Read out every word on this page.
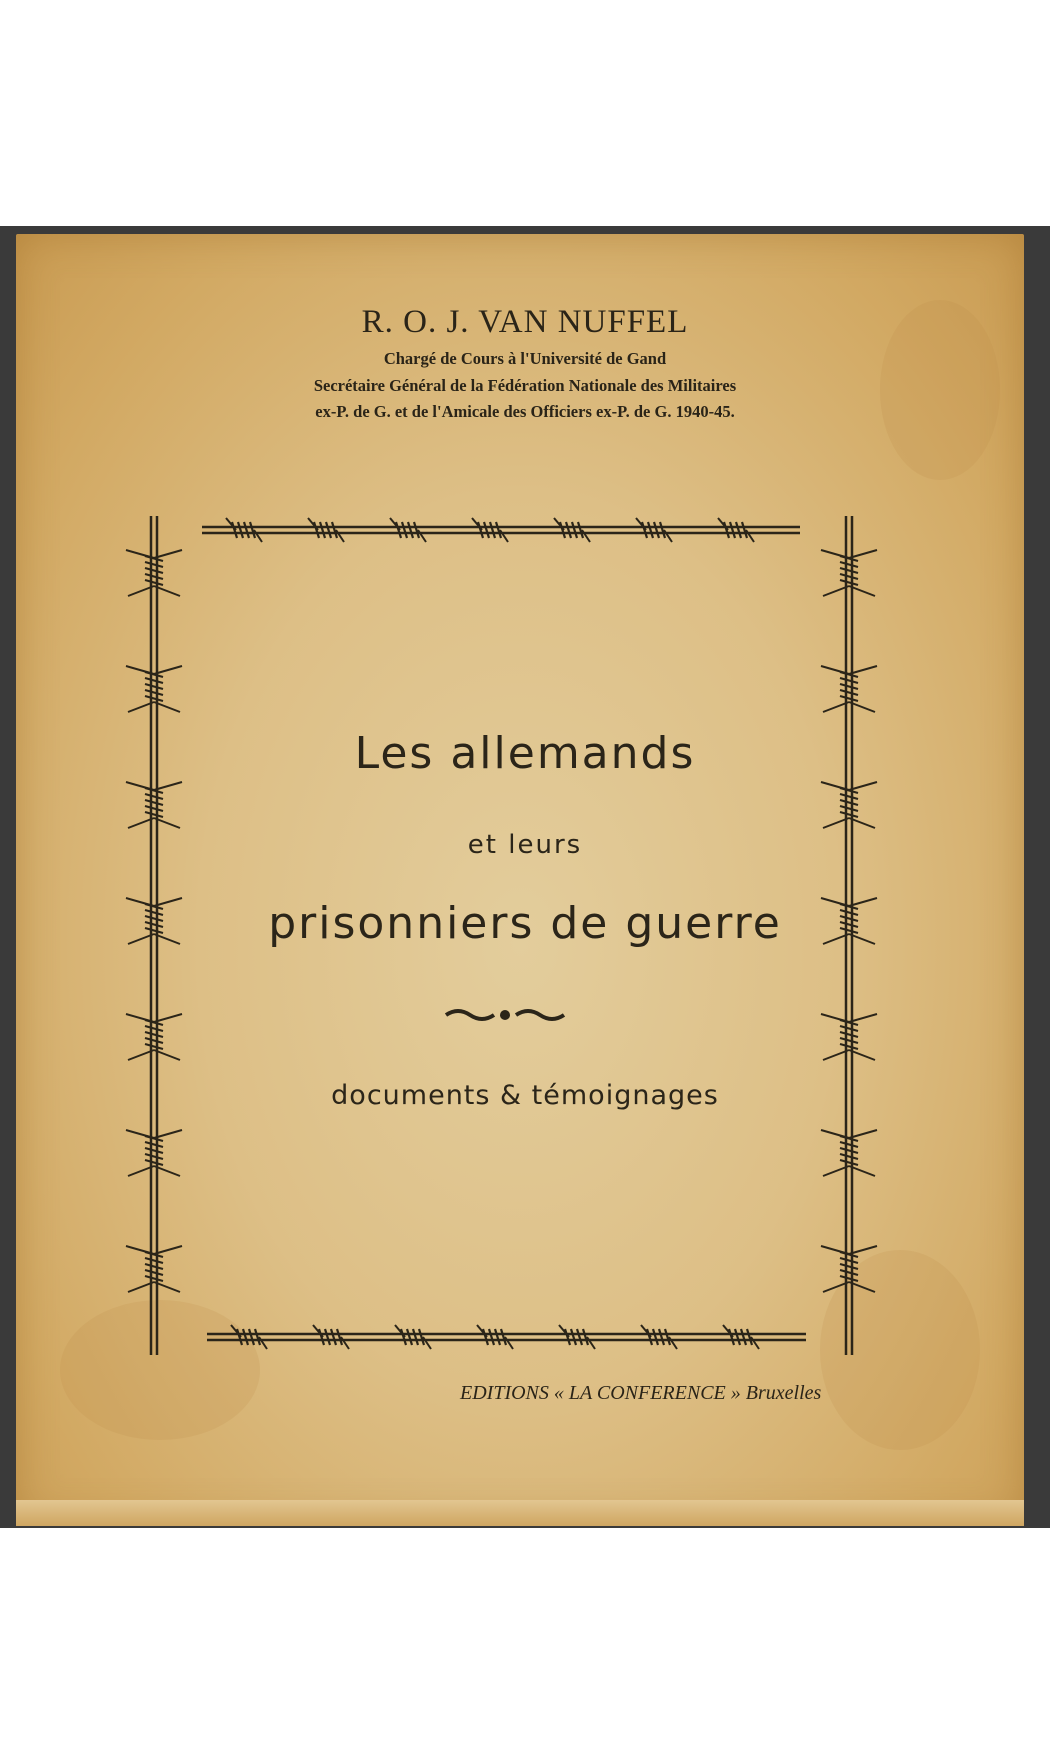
R. O. J. VAN NUFFEL
Chargé de Cours à l'Université de Gand
Secrétaire Général de la Fédération Nationale des Militaires
ex-P. de G. et de l'Amicale des Officiers ex-P. de G. 1940-45.
Les allemands
et leurs
prisonniers de guerre
documents & témoignages
EDITIONS « LA CONFERENCE » Bruxelles
